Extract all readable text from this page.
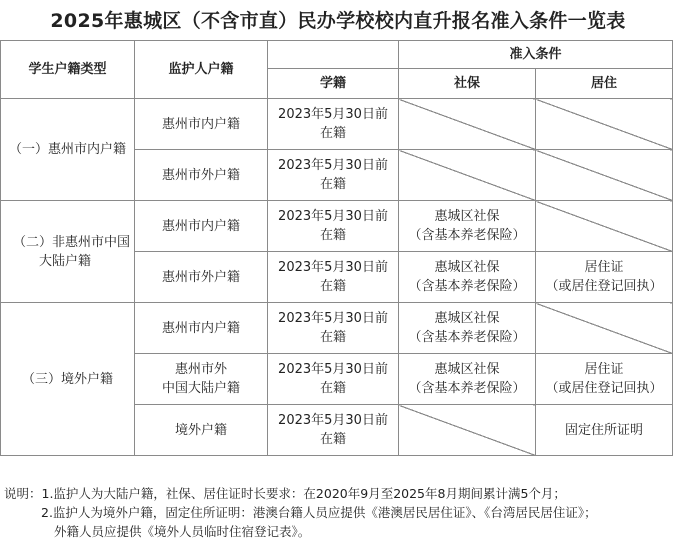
2025年惠城区（不含市直）民办学校校内直升报名准入条件一览表
学生户籍类型	监护人户籍		准入条件	
		学籍	社保	居住
（一）惠州市内户籍	惠州市内户籍	2023年5月30日前
在籍		
	惠州市外户籍	2023年5月30日前
在籍		
（二）非惠州市中国
大陆户籍	惠州市内户籍	2023年5月30日前
在籍	惠城区社保
（含基本养老保险）	
	惠州市外户籍	2023年5月30日前
在籍	惠城区社保
（含基本养老保险）	居住证
（或居住登记回执）
（三）境外户籍	惠州市内户籍	2023年5月30日前
在籍	惠城区社保
（含基本养老保险）	
	惠州市外
中国大陆户籍	2023年5月30日前
在籍	惠城区社保
（含基本养老保险）	居住证
（或居住登记回执）
	境外户籍	2023年5月30日前
在籍		固定住所证明
说明：1.监护人为大陆户籍，社保、居住证时长要求：在2020年9月至2025年8月期间累计满5个月；
2.监护人为境外户籍，固定住所证明：港澳台籍人员应提供《港澳居民居住证》、《台湾居民居住证》；
外籍人员应提供《境外人员临时住宿登记表》。
